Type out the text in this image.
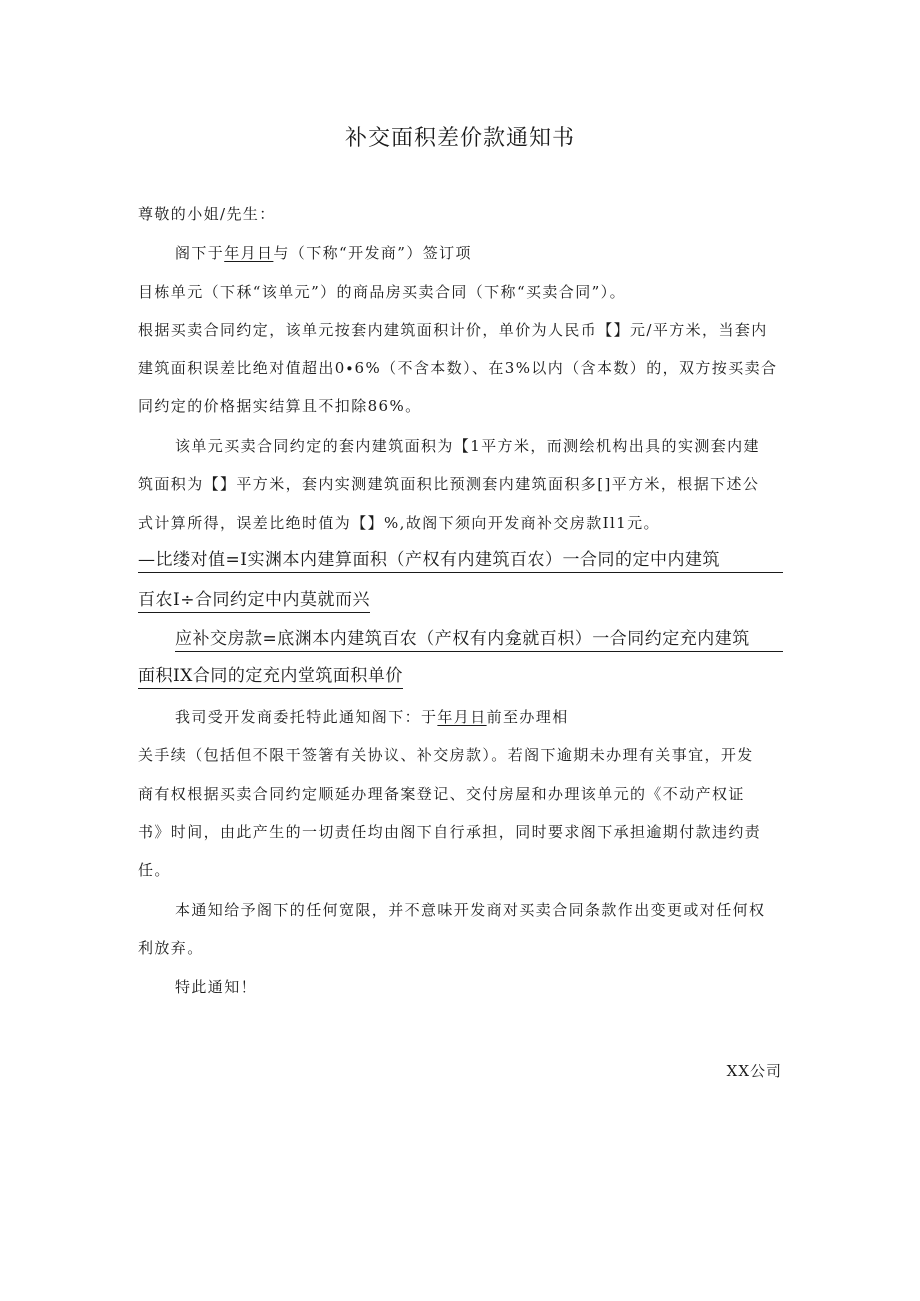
补交面积差价款通知书
尊敬的小姐/先生：
阁下于年月日与（下称“开发商”）签订项
目栋单元（下秝“该单元”）的商品房买卖合同（下称“买卖合同”）。
根据买卖合同约定，该单元按套内建筑面积计价，单价为人民币【】元/平方米，当套内
建筑面积误差比绝对值超出0∙6%（不含本数）、在3%以内（含本数）的，双方按买卖合
同约定的价格据实结算且不扣除86%。
该单元买卖合同约定的套内建筑面积为【1平方米，而测绘机构出具的实测套内建
筑面积为【】平方米，套内实测建筑面积比预测套内建筑面积多[]平方米，根据下述公
式计算所得，误差比绝时值为【】%,故阁下须向开发商补交房款Il1元。
—比缕对值=I实渊本内建算面积（产权有内建筑百农）一合同的定中内建筑
百农I÷合同约定中内莫就而兴
应补交房款=底渊本内建筑百农（产权有内龛就百枳）一合同约定充内建筑
面积IX合同的定充内堂筑面积单价
我司受开发商委托特此通知阁下：于年月日前至办理相
关手续（包括但不限干签箸有关协议、补交房款）。若阁下逾期未办理有关事宜，开发
商有权根据买卖合同约定顺延办理备案登记、交付房屋和办理该单元的《不动产权证
书》时间，由此产生的一切责任均由阁下自行承担，同时要求阁下承担逾期付款违约责
任。
本通知给予阁下的任何宽限，并不意味开发商对买卖合同条款作出变更或对任何权
利放弃。
特此通知！
XX公司
